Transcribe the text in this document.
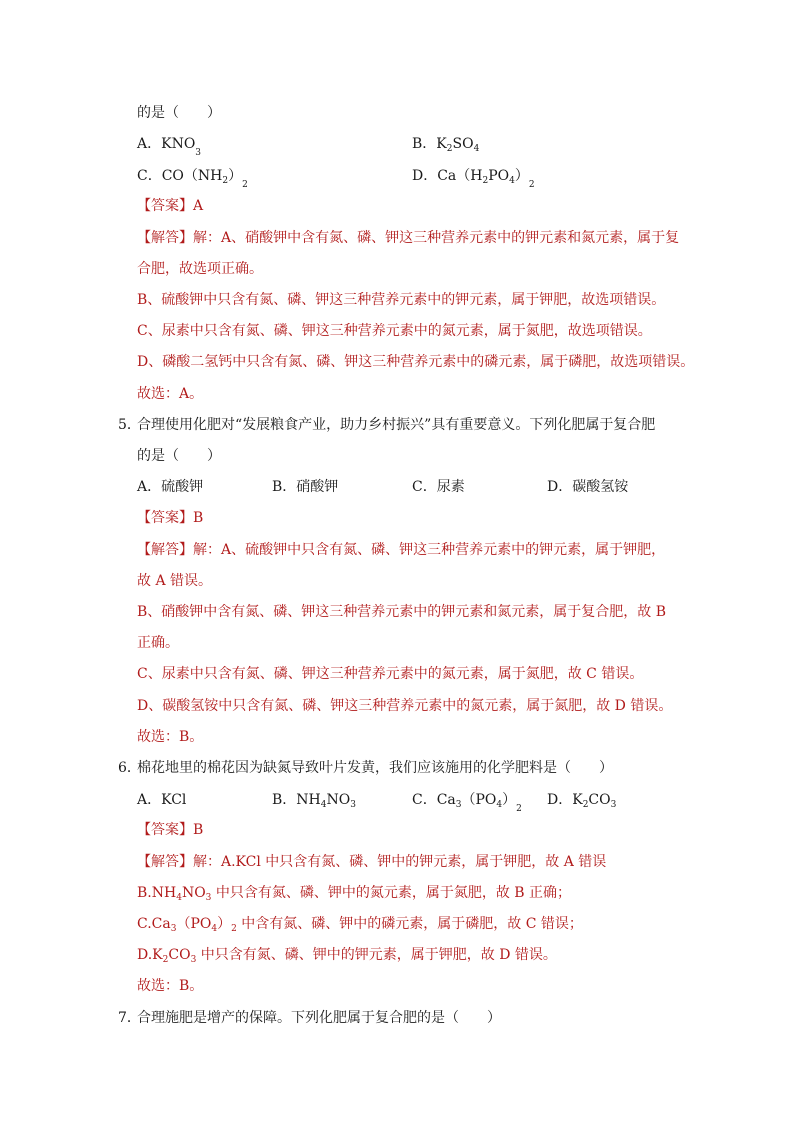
的是（　　）
A．$KNO_3$
B．$K_2SO_4$
C．$CO(NH_2)_2$
D．$Ca(H_2PO_4)_2$
【答案】A
【解答】解：A、硝酸钾中含有氮、磷、钾这三种营养元素中的钾元素和氮元素，属于复
合肥，故选项正确。
B、硫酸钾中只含有氮、磷、钾这三种营养元素中的钾元素，属于钾肥，故选项错误。
C、尿素中只含有氮、磷、钾这三种营养元素中的氮元素，属于氮肥，故选项错误。
D、磷酸二氢钙中只含有氮、磷、钾这三种营养元素中的磷元素，属于磷肥，故选项错误。
故选：A。
5．
合理使用化肥对“发展粮食产业，助力乡村振兴”具有重要意义。下列化肥属于复合肥
的是（　　）
A．硫酸钾	B．硝酸钾	C．尿素	D．碳酸氢铵
【答案】B
【解答】解：A、硫酸钾中只含有氮、磷、钾这三种营养元素中的钾元素，属于钾肥，
故 A 错误。
B、硝酸钾中含有氮、磷、钾这三种营养元素中的钾元素和氮元素，属于复合肥，故 B
正确。
C、尿素中只含有氮、磷、钾这三种营养元素中的氮元素，属于氮肥，故 C 错误。
D、碳酸氢铵中只含有氮、磷、钾这三种营养元素中的氮元素，属于氮肥，故 D 错误。
故选：B。
6．
棉花地里的棉花因为缺氮导致叶片发黄，我们应该施用的化学肥料是（　　）
A．KCl	B．$NH_4NO_3$	C．$Ca_3(PO_4)_2$
D．$K_2CO_3$
【答案】B
【解答】解：A.KCl 中只含有氮、磷、钾中的钾元素，属于钾肥，故 A 错误
$B.NH_4NO_3$ 中只含有氮、磷、钾中的氮元素，属于氮肥，故 B 正确；
$C.Ca_3(PO_4)_2$ 中含有氮、磷、钾中的磷元素，属于磷肥，故 C 错误；
$D.K_2CO_3$ 中只含有氮、磷、钾中的钾元素，属于钾肥，故 D 错误。
故选：B。
7．
合理施肥是增产的保障。下列化肥属于复合肥的是（　　）
